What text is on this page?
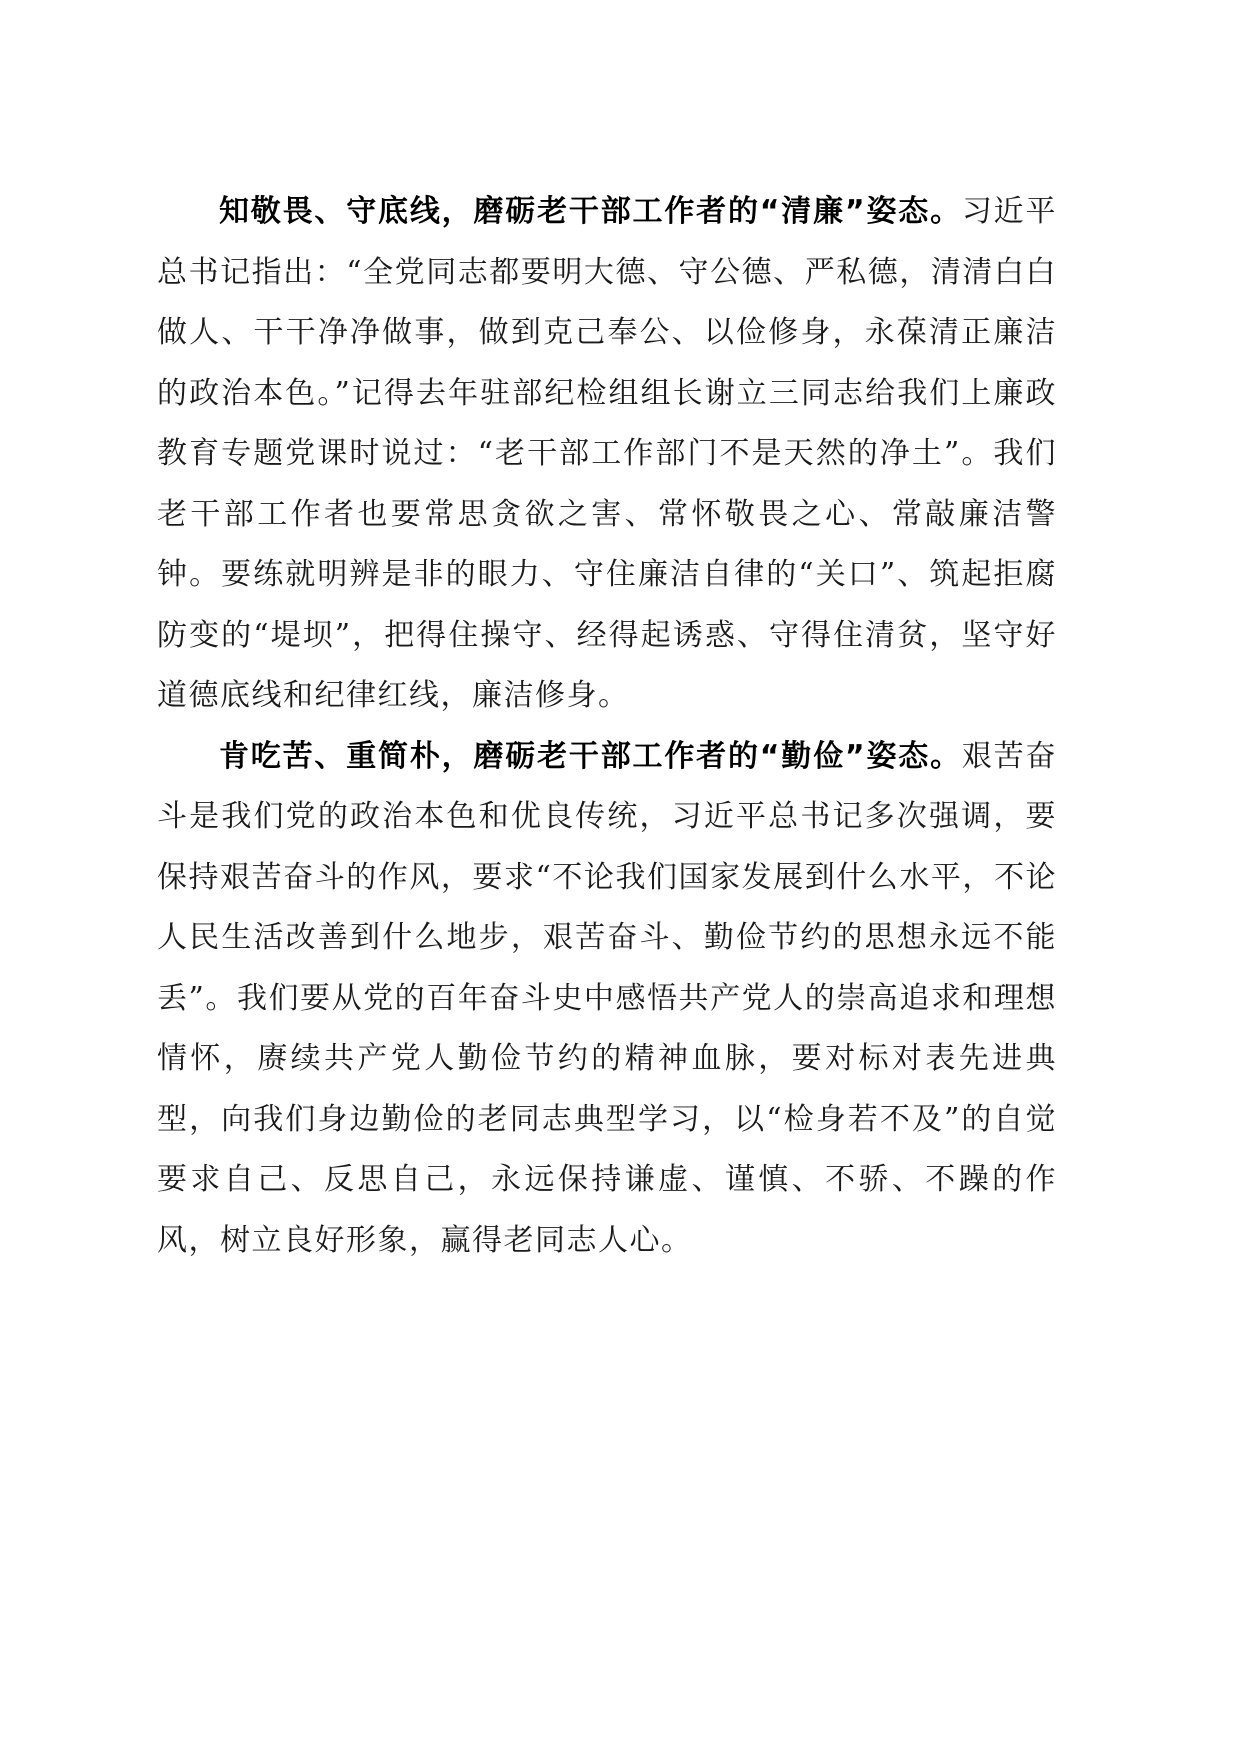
知敬畏、守底线，磨砺老干部工作者的“清廉”姿态。习近平总书记指出：“全党同志都要明大德、守公德、严私德，清清白白做人、干干净净做事，做到克己奉公、以俭修身，永葆清正廉洁的政治本色。”记得去年驻部纪检组组长谢立三同志给我们上廉政教育专题党课时说过：“老干部工作部门不是天然的净土”。我们老干部工作者也要常思贪欲之害、常怀敬畏之心、常敲廉洁警钟。要练就明辨是非的眼力、守住廉洁自律的“关口”、筑起拒腐防变的“堤坝”，把得住操守、经得起诱惑、守得住清贫，坚守好道德底线和纪律红线，廉洁修身。

肯吃苦、重简朴，磨砺老干部工作者的“勤俭”姿态。艰苦奋斗是我们党的政治本色和优良传统，习近平总书记多次强调，要保持艰苦奋斗的作风，要求“不论我们国家发展到什么水平，不论人民生活改善到什么地步，艰苦奋斗、勤俭节约的思想永远不能丢”。我们要从党的百年奋斗史中感悟共产党人的崇高追求和理想情怀，赓续共产党人勤俭节约的精神血脉，要对标对表先进典型，向我们身边勤俭的老同志典型学习，以“检身若不及”的自觉要求自己、反思自己，永远保持谦虚、谨慎、不骄、不躁的作风，树立良好形象，赢得老同志人心。
